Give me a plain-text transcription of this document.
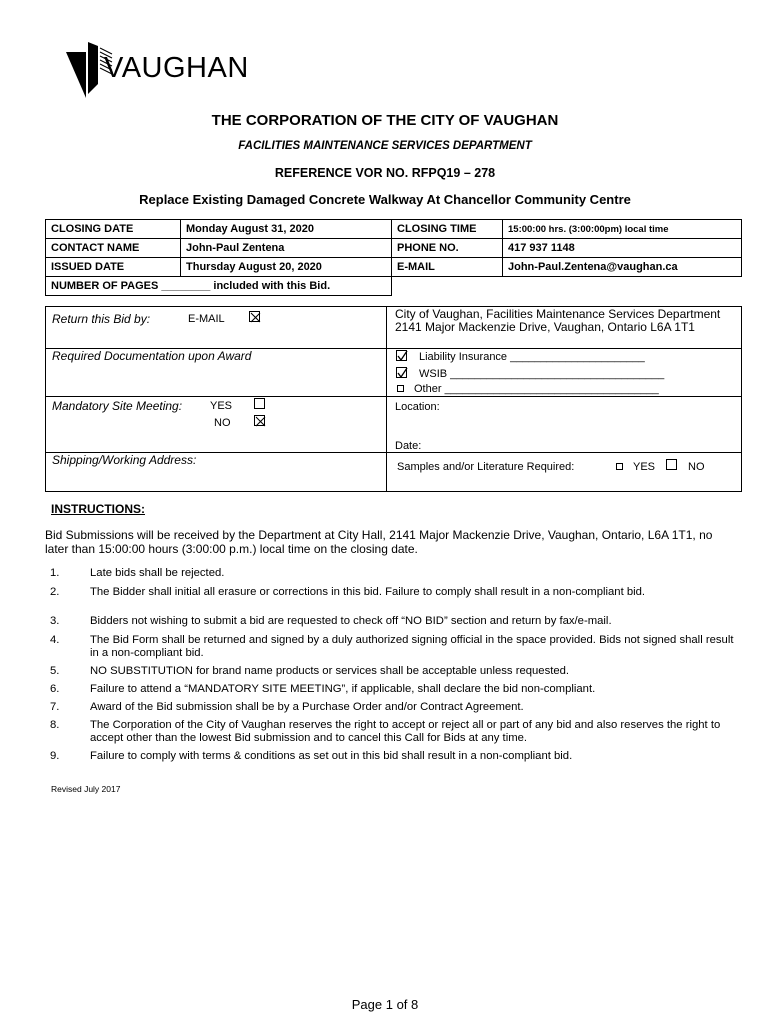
VAUGHAN
THE CORPORATION OF THE CITY OF VAUGHAN
FACILITIES MAINTENANCE SERVICES DEPARTMENT
REFERENCE VOR NO. RFPQ19 – 278
Replace Existing Damaged Concrete Walkway At Chancellor Community Centre
CLOSING DATE	Monday August 31, 2020	CLOSING TIME	15:00:00 hrs. (3:00:00pm) local time
CONTACT NAME	John-Paul Zentena	PHONE NO.	417 937 1148
ISSUED DATE	Thursday August 20, 2020	E-MAIL	John-Paul.Zentena@vaughan.ca
NUMBER OF PAGES ________ included with this Bid.			
Return this Bid by:	E-MAIL	City of Vaughan, Facilities Maintenance Services Department 2141 Major Mackenzie Drive, Vaughan, Ontario L6A 1T1
Required Documentation upon Award	Liability Insurance ______________________
WSIB ___________________________________
Other ___________________________________
Mandatory Site Meeting:	YES
NO
Location:
Date:
Shipping/Working Address:	Samples and/or Literature Required:	YES	NO
INSTRUCTIONS:
Bid Submissions will be received by the Department at City Hall, 2141 Major Mackenzie Drive, Vaughan, Ontario, L6A 1T1, no later than 15:00:00 hours (3:00:00 p.m.) local time on the closing date.
1.	Late bids shall be rejected.
2.	The Bidder shall initial all erasure or corrections in this bid. Failure to comply shall result in a non-compliant bid.
3.	Bidders not wishing to submit a bid are requested to check off “NO BID” section and return by fax/e-mail.
4.	The Bid Form shall be returned and signed by a duly authorized signing official in the space provided. Bids not signed shall result in a non-compliant bid.
5.	NO SUBSTITUTION for brand name products or services shall be acceptable unless requested.
6.	Failure to attend a “MANDATORY SITE MEETING”, if applicable, shall declare the bid non-compliant.
7.	Award of the Bid submission shall be by a Purchase Order and/or Contract Agreement.
8.	The Corporation of the City of Vaughan reserves the right to accept or reject all or part of any bid and also reserves the right to accept other than the lowest Bid submission and to cancel this Call for Bids at any time.
9.	Failure to comply with terms & conditions as set out in this bid shall result in a non-compliant bid.
Revised July 2017
Page 1 of 8
